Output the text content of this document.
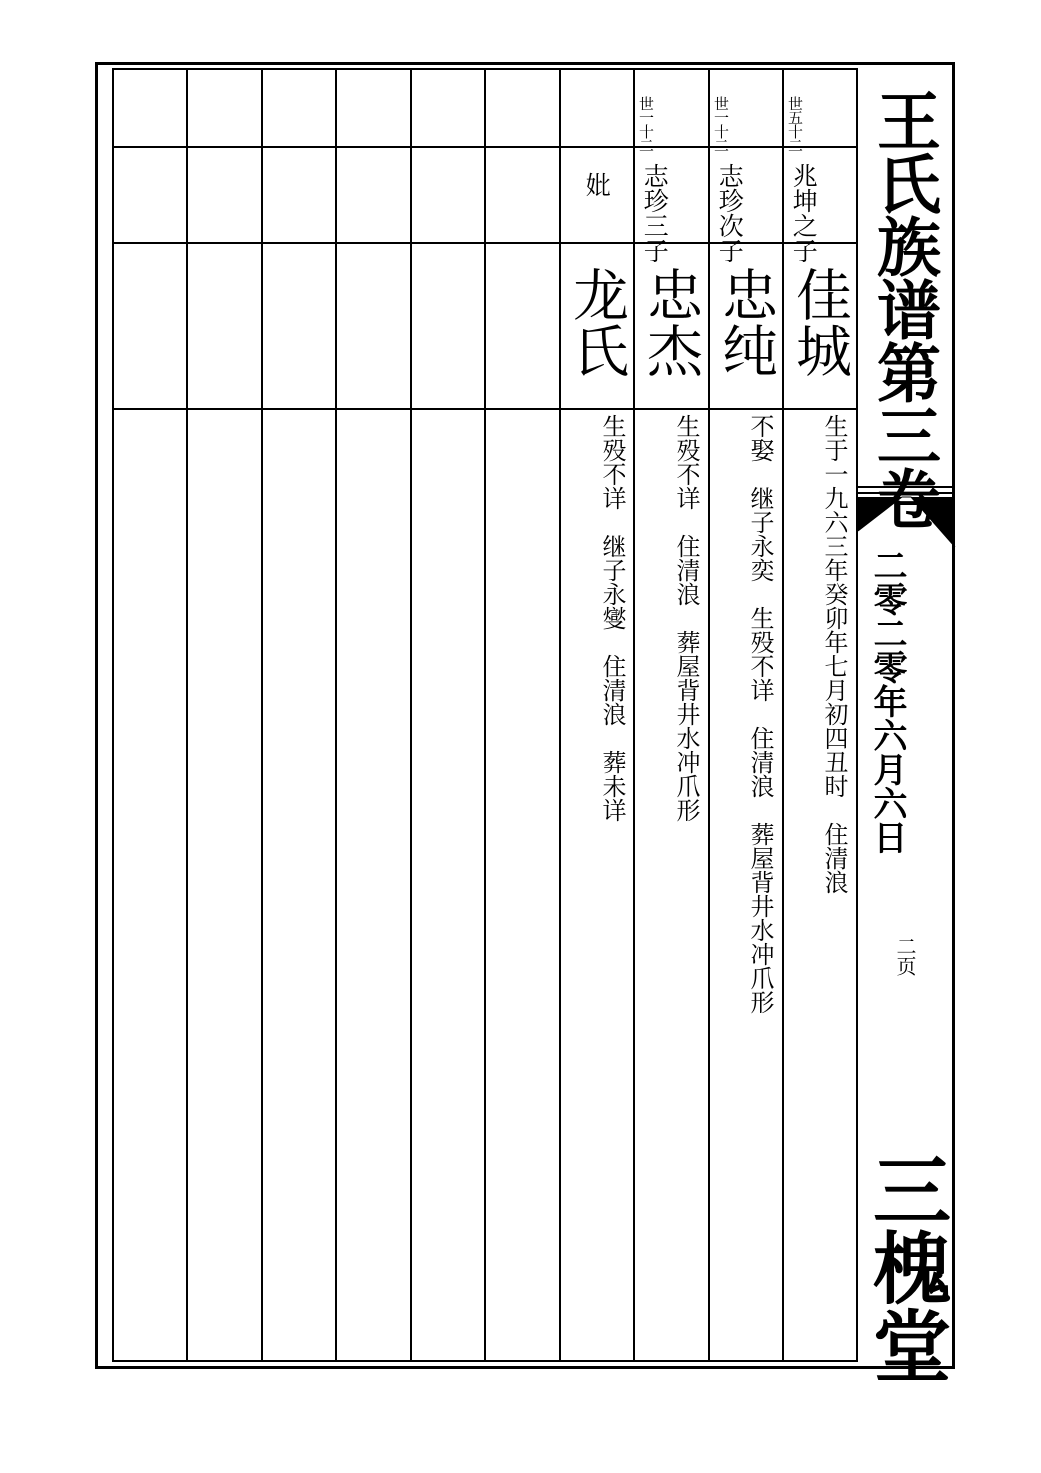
王氏族谱第三卷
二零二零年六月六日
二页
三槐堂
世五十二
兆坤之子
佳城
生于一九六三年癸卯年七月初四丑时　住清浪
世一十二
志珍次子
忠纯
不娶　继子永奕　生殁不详　住清浪　葬屋背井水冲爪形
世一十二
志珍三子
忠杰
生殁不详　住清浪　葬屋背井水冲爪形
妣
龙氏
生殁不详　继子永燮　住清浪　葬未详
